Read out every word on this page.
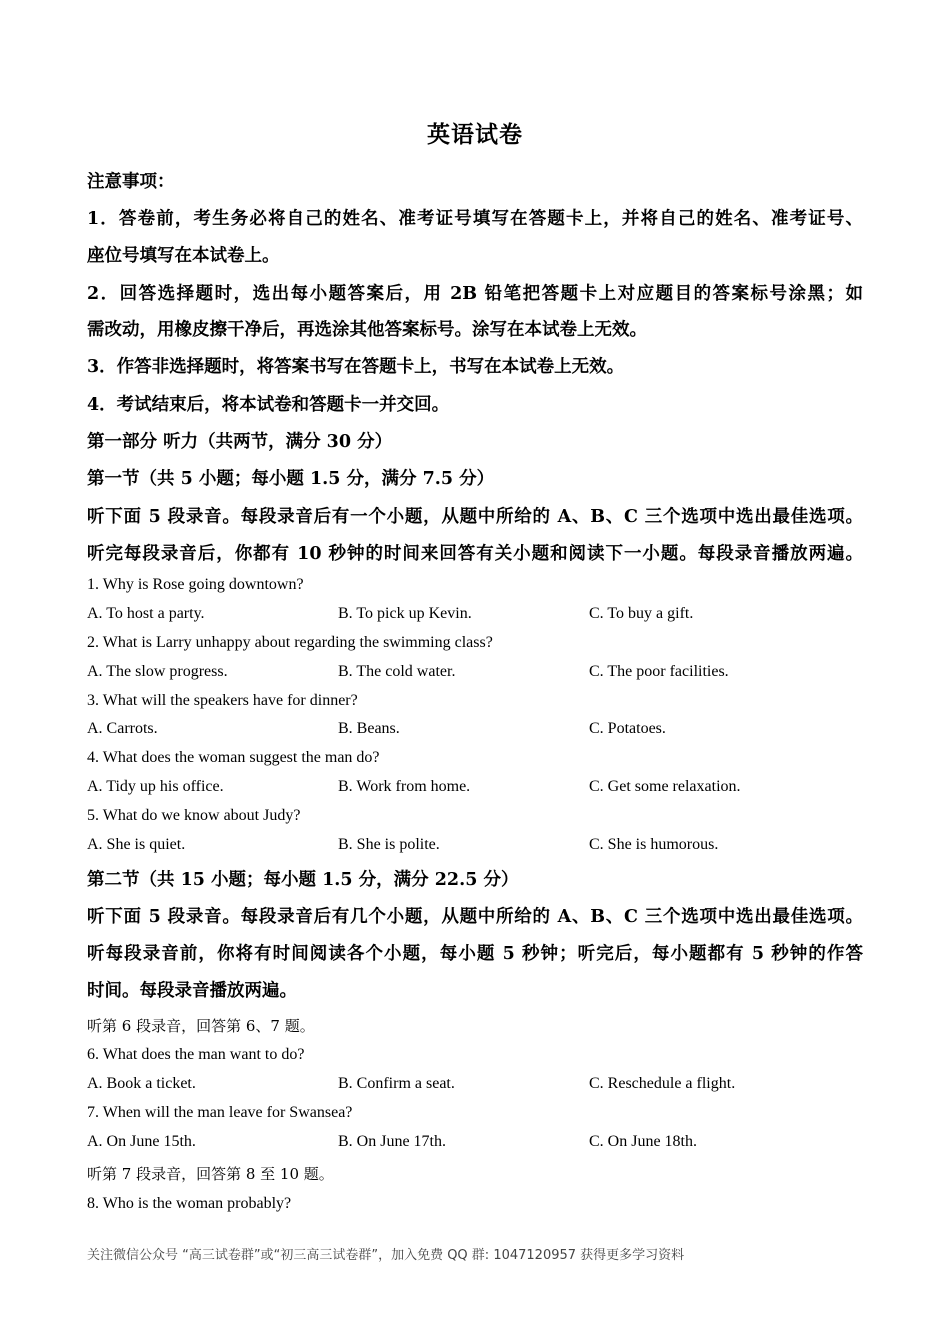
英语试卷
注意事项：
1．答卷前，考生务必将自己的姓名、准考证号填写在答题卡上，并将自己的姓名、准考证号、
座位号填写在本试卷上。
2．回答选择题时，选出每小题答案后，用 2B 铅笔把答题卡上对应题目的答案标号涂黑；如
需改动，用橡皮擦干净后，再选涂其他答案标号。涂写在本试卷上无效。
3．作答非选择题时，将答案书写在答题卡上，书写在本试卷上无效。
4．考试结束后，将本试卷和答题卡一并交回。
第一部分 听力（共两节，满分 30 分）
第一节（共 5 小题；每小题 1.5 分，满分 7.5 分）
听下面 5 段录音。每段录音后有一个小题，从题中所给的 A、B、C 三个选项中选出最佳选项。
听完每段录音后，你都有 10 秒钟的时间来回答有关小题和阅读下一小题。每段录音播放两遍。
1. Why is Rose going downtown?
A. To host a party.	B. To pick up Kevin.	C. To buy a gift.
2. What is Larry unhappy about regarding the swimming class?
A. The slow progress.	B. The cold water.	C. The poor facilities.
3. What will the speakers have for dinner?
A. Carrots.	B. Beans.	C. Potatoes.
4. What does the woman suggest the man do?
A. Tidy up his office.	B. Work from home.	C. Get some relaxation.
5. What do we know about Judy?
A. She is quiet.	B. She is polite.	C. She is humorous.
第二节（共 15 小题；每小题 1.5 分，满分 22.5 分）
听下面 5 段录音。每段录音后有几个小题，从题中所给的 A、B、C 三个选项中选出最佳选项。
听每段录音前，你将有时间阅读各个小题，每小题 5 秒钟；听完后，每小题都有 5 秒钟的作答
时间。每段录音播放两遍。
听第 6 段录音，回答第 6、7 题。
6. What does the man want to do?
A. Book a ticket.	B. Confirm a seat.	C. Reschedule a flight.
7. When will the man leave for Swansea?
A. On June 15th.	B. On June 17th.	C. On June 18th.
听第 7 段录音，回答第 8 至 10 题。
8. Who is the woman probably?
关注微信公众号 “高三试卷群”或“初三高三试卷群”，加入免费 QQ 群: 1047120957 获得更多学习资料
